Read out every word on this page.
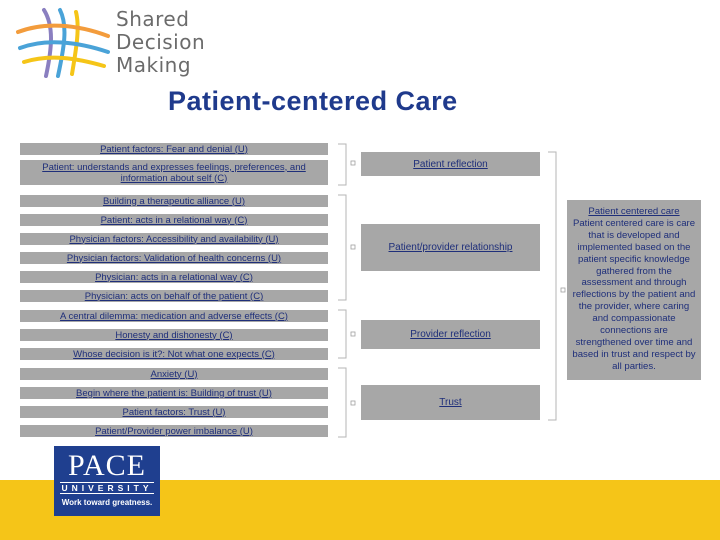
Shared
Decision
Making
Patient-centered Care
Patient factors: Fear and denial (U)
Patient: understands and expresses feelings, preferences, and information about self (C)
Building a therapeutic alliance (U)
Patient: acts in a relational way (C)
Physician factors: Accessibility and availability (U)
Physician factors: Validation of health concerns (U)
Physician: acts in a relational way (C)
Physician: acts on behalf of the patient (C)
A central dilemma: medication and adverse effects (C)
Honesty and dishonesty (C)
Whose decision is it?: Not what one expects (C)
Anxiety (U)
Begin where the patient is: Building of trust (U)
Patient factors: Trust (U)
Patient/Provider power imbalance (U)
Patient reflection
Patient/provider relationship
Provider reflection
Trust
Patient centered care
Patient centered care is care that is developed and implemented based on the patient specific knowledge gathered from the assessment and through reflections by the patient and the provider, where caring and compassionate connections are strengthened over time and based in trust and respect by all parties.
PACE
UNIVERSITY
Work toward greatness.
